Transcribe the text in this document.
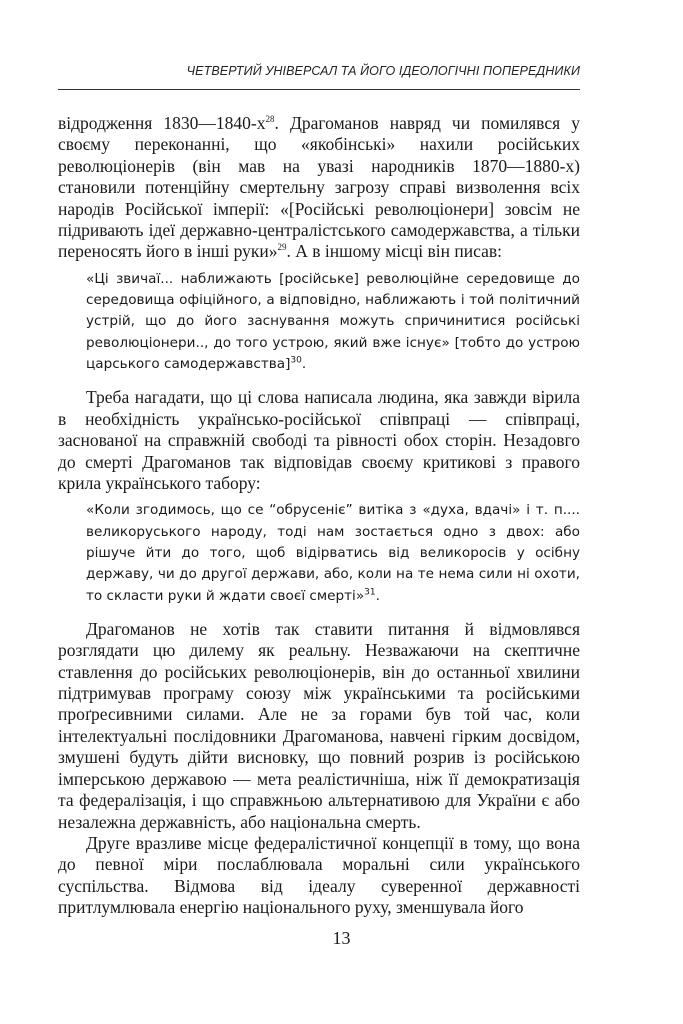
ЧЕТВЕРТИЙ УНІВЕРСАЛ ТА ЙОГО ІДЕОЛОГІЧНІ ПОПЕРЕДНИКИ

відродження $1830—1840-х^{28}$. Драгоманов навряд чи помилявся у своєму переконанні, що «якобінські» нахили російських революціонерів (він мав на увазі народників 1870—1880-х) становили потенційну смертельну загрозу справі визволення всіх народів Російської імперії: «[Російські революціонери] зовсім не підривають ідеї державно-централістського самодержавства, а тільки переносять його в інші руки»$^{29}$. А в іншому місці він писав:

«Ці звичаї... наближають [російське] революційне середовище до середовища офіційного, а відповідно, наближають і той політичний устрій, що до його заснування можуть спричинитися російські революціонери.., до того устрою, який вже існує» [тобто до устрою царського самодержавства]$^{30}$.

Треба нагадати, що ці слова написала людина, яка завжди вірила в необхідність українсько-російської співпраці — співпраці, заснованої на справжній свободі та рівності обох сторін. Незадовго до смерті Драгоманов так відповідав своєму критикові з правого крила українського табору:

«Коли згодимось, що се “обрусеніє” витіка з «духа, вдачі» і т. п.... великоруського народу, тоді нам зостається одно з двох: або рішуче йти до того, щоб відірватись від великоросів у осібну державу, чи до другої держави, або, коли на те нема сили ні охоти, то скласти руки й ждати своєї смерті»$^{31}$.

Драгоманов не хотів так ставити питання й відмовлявся розглядати цю дилему як реальну. Незважаючи на скептичне ставлення до російських революціонерів, він до останньої хвилини підтримував програму союзу між українськими та російськими проґресивними силами. Але не за горами був той час, коли інтелектуальні послідовники Драгоманова, навчені гірким досвідом, змушені будуть дійти висновку, що повний розрив із російською імперською державою — мета реалістичніша, ніж її демократизація та федералізація, і що справжньою альтернативою для України є або незалежна державність, або національна смерть.

Друге вразливе місце федералістичної концепції в тому, що вона до певної міри послаблювала моральні сили українського суспільства. Відмова від ідеалу суверенної державності притлумлювала енергію національного руху, зменшувала його

13
